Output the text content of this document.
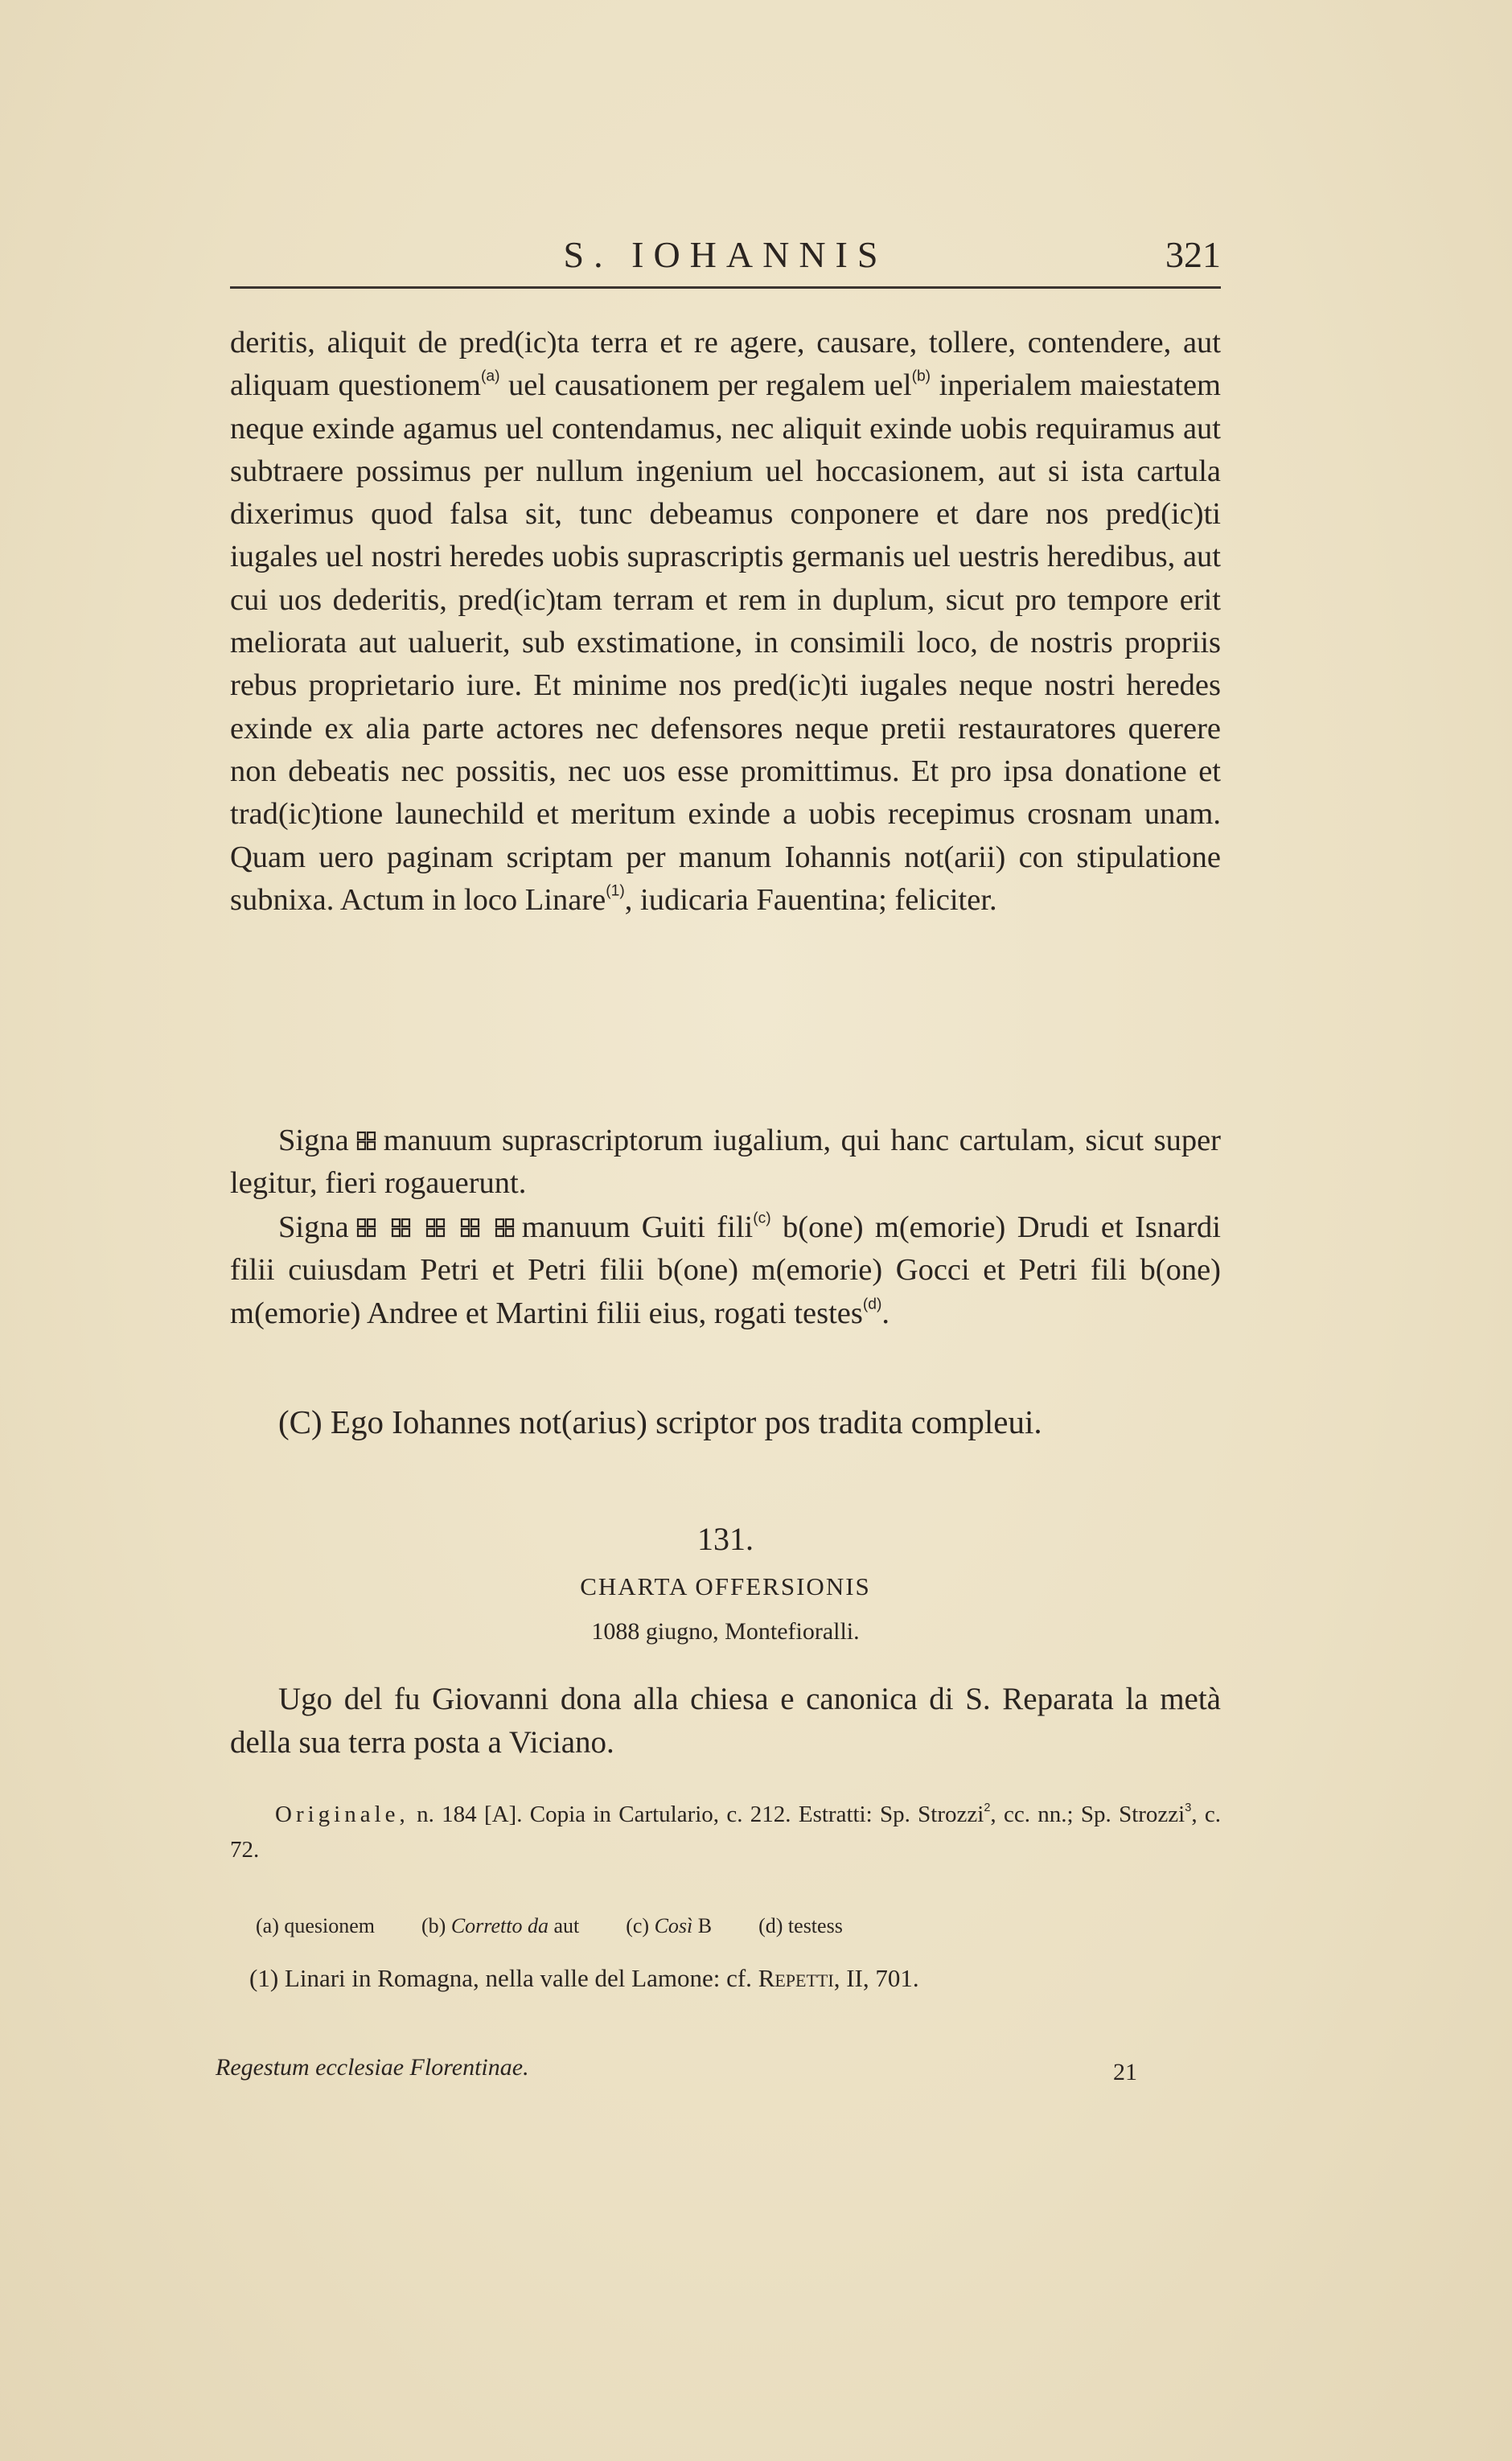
S. IOHANNIS	321

deritis, aliquit de pred(ic)ta terra et re agere, causare, tollere, contendere, aut aliquam questionem$^{(a)}$ uel causationem per regalem uel$^{(b)}$ inperialem maiestatem neque exinde agamus uel contendamus, nec aliquit exinde uobis requiramus aut subtraere possimus per nullum ingenium uel hoccasionem, aut si ista cartula dixerimus quod falsa sit, tunc debeamus conponere et dare nos pred(ic)ti iugales uel nostri heredes uobis suprascriptis germanis uel uestris heredibus, aut cui uos dederitis, pred(ic)tam terram et rem in duplum, sicut pro tempore erit meliorata aut ualuerit, sub exstimatione, in consimili loco, de nostris propriis rebus proprietario iure. Et minime nos pred(ic)ti iugales neque nostri heredes exinde ex alia parte actores nec defensores neque pretii restauratores querere non debeatis nec possitis, nec uos esse promittimus. Et pro ipsa donatione et trad(ic)tione launechild et meritum exinde a uobis recepimus crosnam unam. Quam uero paginam scriptam per manum Iohannis not(arii) con stipulatione subnixa. Actum in loco Linare$^{(1)}$, iudicaria Fauentina; feliciter.

Signa manuum suprascriptorum iugalium, qui hanc cartulam, sicut super legitur, fieri rogauerunt.

Signa	manuum Guiti fili$^{(c)}$ b(one) m(emorie) Drudi et Isnardi filii cuiusdam Petri et Petri filii b(one) m(emorie) Gocci et Petri fili b(one) m(emorie) Andree et Martini filii eius, rogati testes$^{(d)}$.

(C) Ego Iohannes not(arius) scriptor pos tradita compleui.

131.

CHARTA OFFERSIONIS

1088 giugno, Montefioralli.

Ugo del fu Giovanni dona alla chiesa e canonica di S. Reparata la metà della sua terra posta a Viciano.

Originale, n. 184 [A]. Copia in Cartulario, c. 212. Estratti: Sp. Strozzi$^2$, cc. nn.; Sp. Strozzi$^3$, c. 72.

(a) quesionem (b) Corretto da aut (c) Così B (d) testess

(1) Linari in Romagna, nella valle del Lamone: cf. Repetti, II, 701.

Regestum ecclesiae Florentinae.	21
